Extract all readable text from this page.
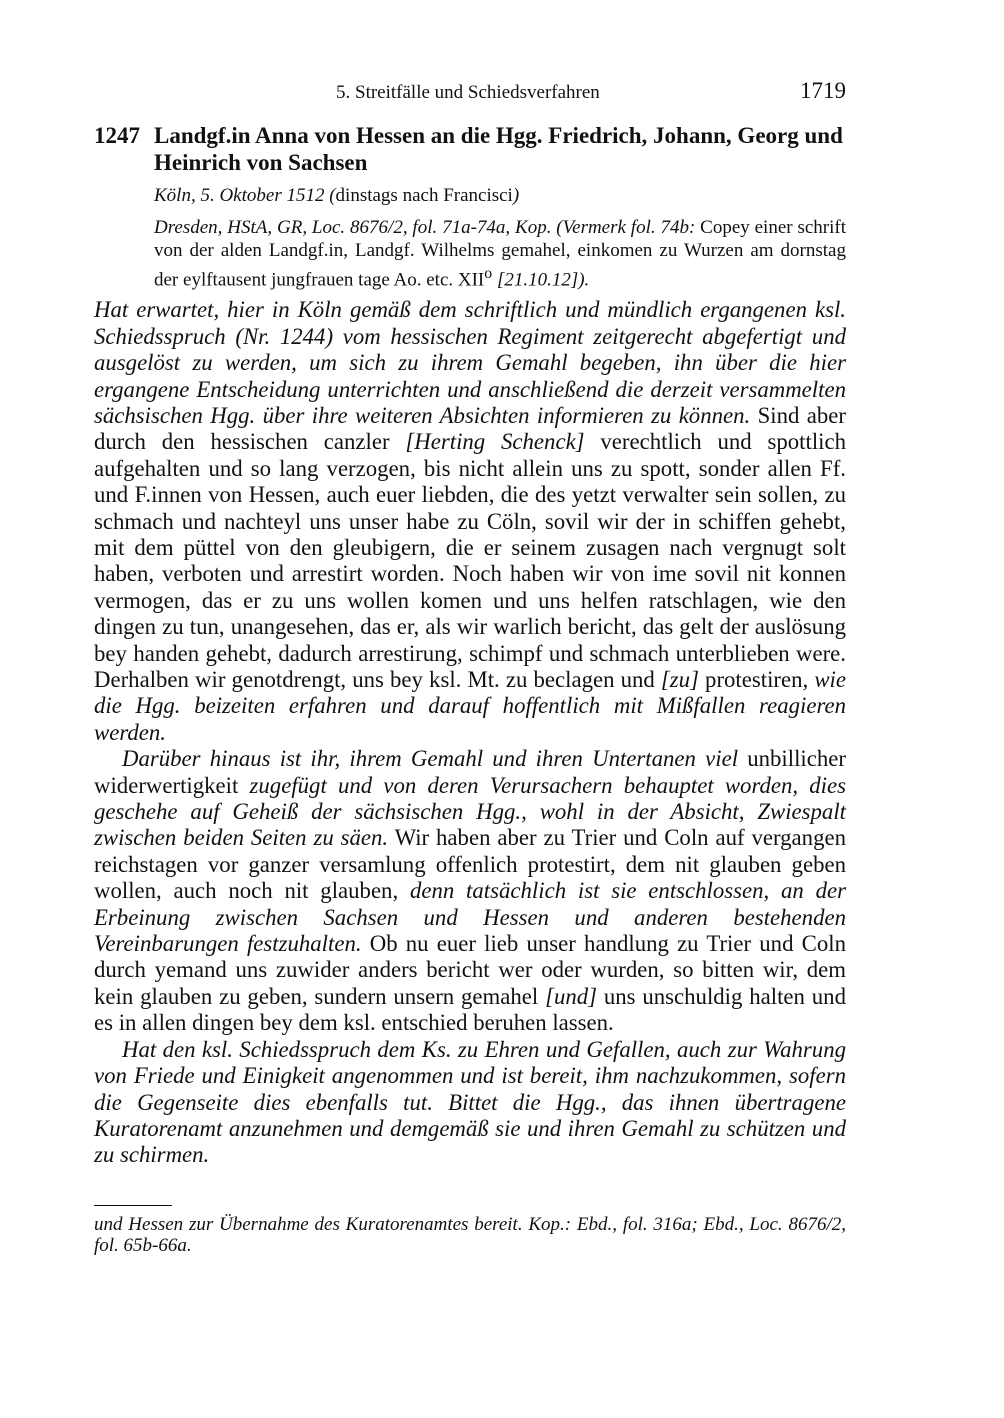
5. Streitfälle und Schiedsverfahren	1719
1247 Landgf.in Anna von Hessen an die Hgg. Friedrich, Johann, Georg und Heinrich von Sachsen
Köln, 5. Oktober 1512 (dinstags nach Francisci)
Dresden, HStA, GR, Loc. 8676/2, fol. 71a-74a, Kop. (Vermerk fol. 74b: Copey einer schrift von der alden Landgf.in, Landgf. Wilhelms gemahel, einkomen zu Wurzen am dornstag der eylftausent jungfrauen tage Ao. etc. XII$^o$ [21.10.12]).

Hat erwartet, hier in Köln gemäß dem schriftlich und mündlich ergangenen ksl. Schiedsspruch (Nr. 1244) vom hessischen Regiment zeitgerecht abgefertigt und ausgelöst zu werden, um sich zu ihrem Gemahl begeben, ihn über die hier ergangene Entscheidung unterrichten und anschließend die derzeit versammelten sächsischen Hgg. über ihre weiteren Absichten informieren zu können. Sind aber durch den hessischen canzler [Herting Schenck] verechtlich und spottlich aufgehalten und so lang verzogen, bis nicht allein uns zu spott, sonder allen Ff. und F.innen von Hessen, auch euer liebden, die des yetzt verwalter sein sollen, zu schmach und nachteyl uns unser habe zu Cöln, sovil wir der in schiffen gehebt, mit dem püttel von den gleubigern, die er seinem zusagen nach vergnugt solt haben, verboten und arrestirt worden. Noch haben wir von ime sovil nit konnen vermogen, das er zu uns wollen komen und uns helfen ratschlagen, wie den dingen zu tun, unangesehen, das er, als wir warlich bericht, das gelt der auslösung bey handen gehebt, dadurch arrestirung, schimpf und schmach unterblieben were. Derhalben wir genotdrengt, uns bey ksl. Mt. zu beclagen und [zu] protestiren, wie die Hgg. beizeiten erfahren und darauf hoffentlich mit Mißfallen reagieren werden.

Darüber hinaus ist ihr, ihrem Gemahl und ihren Untertanen viel unbillicher widerwertigkeit zugefügt und von deren Verursachern behauptet worden, dies geschehe auf Geheiß der sächsischen Hgg., wohl in der Absicht, Zwiespalt zwischen beiden Seiten zu säen. Wir haben aber zu Trier und Coln auf vergangen reichstagen vor ganzer versamlung offenlich protestirt, dem nit glauben geben wollen, auch noch nit glauben, denn tatsächlich ist sie entschlossen, an der Erbeinung zwischen Sachsen und Hessen und anderen bestehenden Vereinbarungen festzuhalten. Ob nu euer lieb unser handlung zu Trier und Coln durch yemand uns zuwider anders bericht wer oder wurden, so bitten wir, dem kein glauben zu geben, sundern unsern gemahel [und] uns unschuldig halten und es in allen dingen bey dem ksl. entschied beruhen lassen.

Hat den ksl. Schiedsspruch dem Ks. zu Ehren und Gefallen, auch zur Wahrung von Friede und Einigkeit angenommen und ist bereit, ihm nachzukommen, sofern die Gegenseite dies ebenfalls tut. Bittet die Hgg., das ihnen übertragene Kuratorenamt anzunehmen und demgemäß sie und ihren Gemahl zu schützen und zu schirmen.

und Hessen zur Übernahme des Kuratorenamtes bereit. Kop.: Ebd., fol. 316a; Ebd., Loc. 8676/2, fol. 65b-66a.
